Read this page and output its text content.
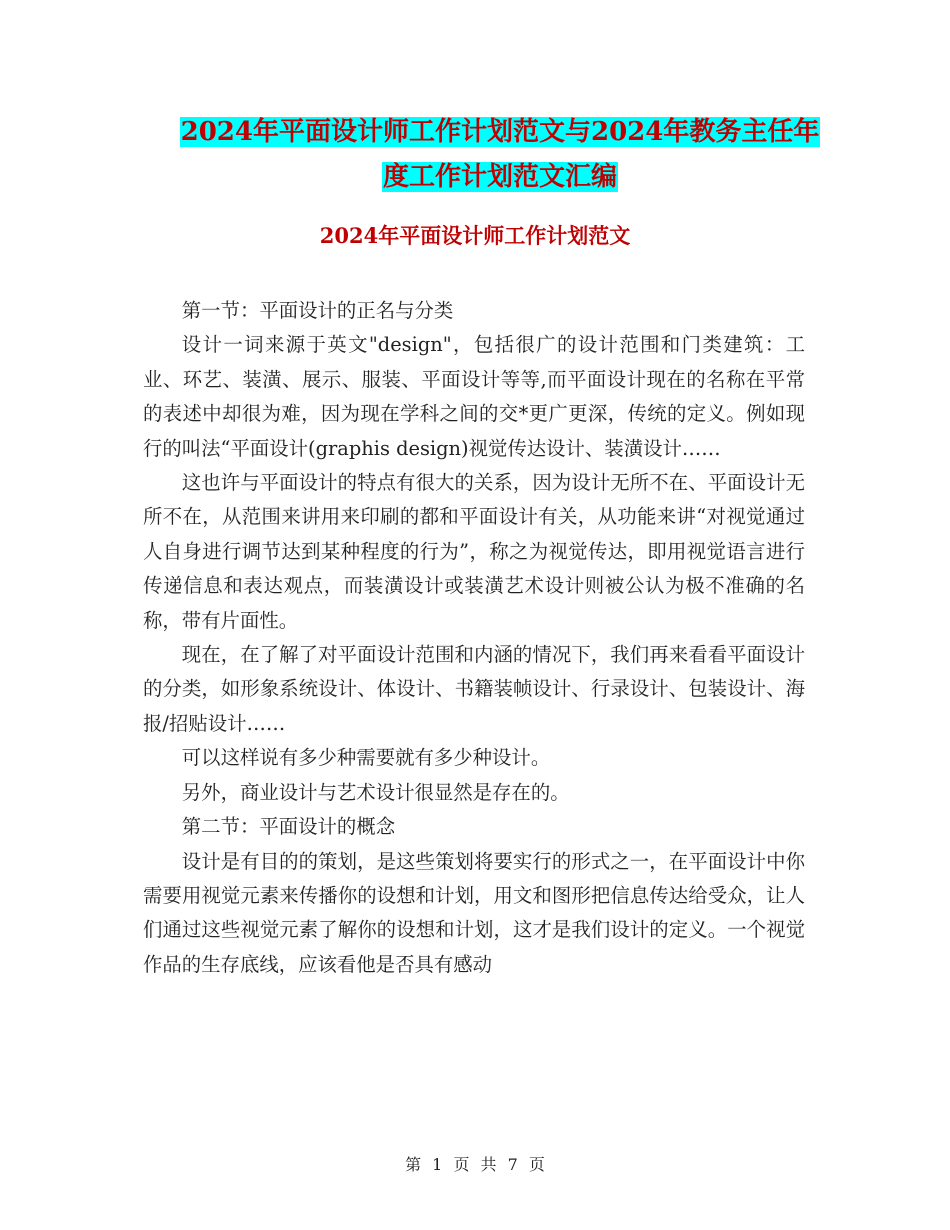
2024年平面设计师工作计划范文与2024年教务主任年
度工作计划范文汇编
2024年平面设计师工作计划范文

第一节：平面设计的正名与分类

设计一词来源于英文"design"，包括很广的设计范围和门类建筑：工业、环艺、装潢、展示、服装、平面设计等等,而平面设计现在的名称在平常的表述中却很为难，因为现在学科之间的交*更广更深，传统的定义。例如现行的叫法“平面设计(graphis design)视觉传达设计、装潢设计……

这也许与平面设计的特点有很大的关系，因为设计无所不在、平面设计无所不在，从范围来讲用来印刷的都和平面设计有关，从功能来讲“对视觉通过人自身进行调节达到某种程度的行为”，称之为视觉传达，即用视觉语言进行传递信息和表达观点，而装潢设计或装潢艺术设计则被公认为极不准确的名称，带有片面性。

现在，在了解了对平面设计范围和内涵的情况下，我们再来看看平面设计的分类，如形象系统设计、体设计、书籍装帧设计、行录设计、包装设计、海报/招贴设计……

可以这样说有多少种需要就有多少种设计。

另外，商业设计与艺术设计很显然是存在的。

第二节：平面设计的概念

设计是有目的的策划，是这些策划将要实行的形式之一，在平面设计中你需要用视觉元素来传播你的设想和计划，用文和图形把信息传达给受众，让人们通过这些视觉元素了解你的设想和计划，这才是我们设计的定义。一个视觉作品的生存底线，应该看他是否具有感动

第 1 页 共 7 页
